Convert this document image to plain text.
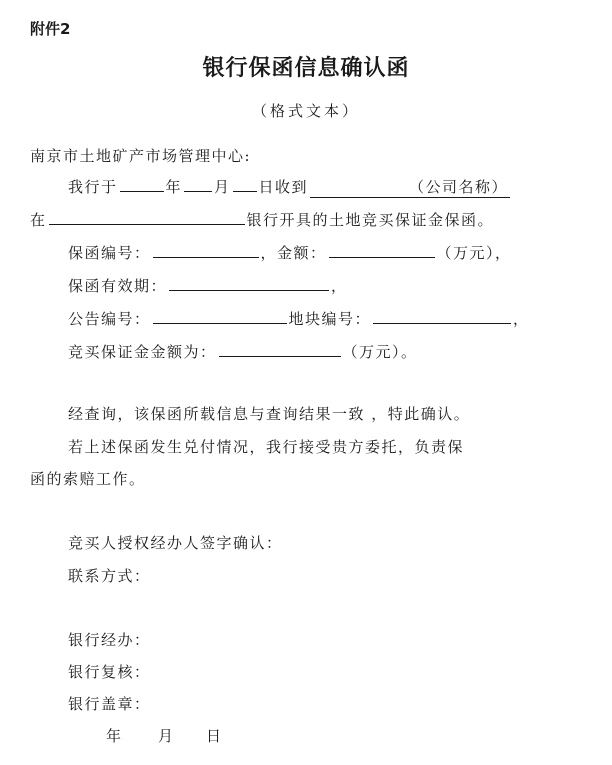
附件2
银行保函信息确认函
（格式文本）
南京市土地矿产市场管理中心:
我行于	年 月 日收到	（公司名称）
在	银行开具的土地竞买保证金保函。
保函编号：	，金额：	（万元），
保函有效期：	，
公告编号：	地块编号：	，
竞买保证金金额为：	（万元）。
经查询，该保函所载信息与查询结果一致 ，特此确认。
若上述保函发生兑付情况，我行接受贵方委托，负责保
函的索赔工作。
竞买人授权经办人签字确认：
联系方式：
银行经办：
银行复核：
银行盖章：
年 月 日
